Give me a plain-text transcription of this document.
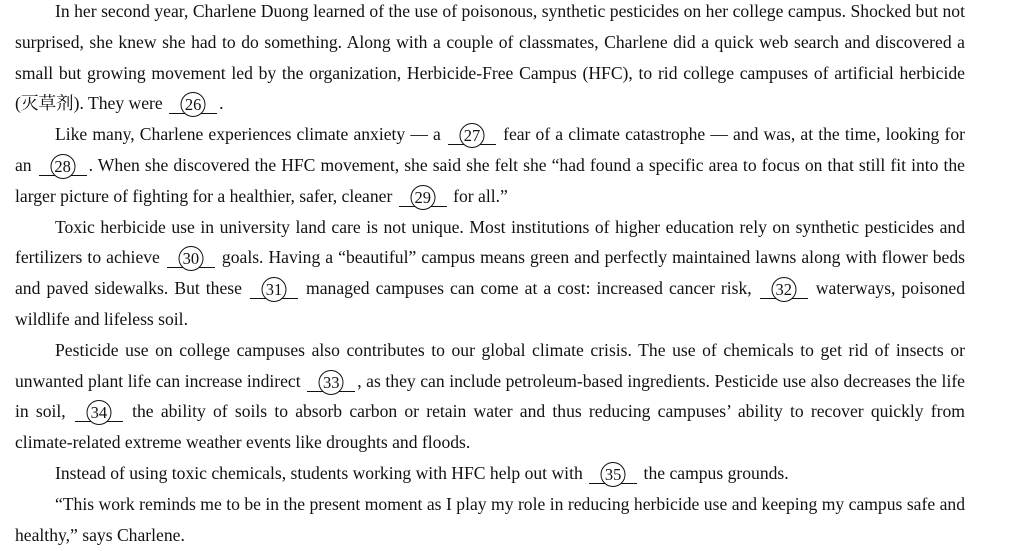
In her second year, Charlene Duong learned of the use of poisonous, synthetic pesticides on her college campus. Shocked but not surprised, she knew she had to do something. Along with a couple of classmates, Charlene did a quick web search and discovered a small but growing movement led by the organization, Herbicide-Free Campus (HFC), to rid college campuses of artificial herbicide (灭草剂). They were 26 .

Like many, Charlene experiences climate anxiety — a 27 fear of a climate catastrophe — and was, at the time, looking for an 28 . When she discovered the HFC movement, she said she felt she “had found a specific area to focus on that still fit into the larger picture of fighting for a healthier, safer, cleaner 29 for all.”

Toxic herbicide use in university land care is not unique. Most institutions of higher education rely on synthetic pesticides and fertilizers to achieve 30 goals. Having a “beautiful” campus means green and perfectly maintained lawns along with flower beds and paved sidewalks. But these 31 managed campuses can come at a cost: increased cancer risk, 32 waterways, poisoned wildlife and lifeless soil.

Pesticide use on college campuses also contributes to our global climate crisis. The use of chemicals to get rid of insects or unwanted plant life can increase indirect 33 , as they can include petroleum-based ingredients. Pesticide use also decreases the life in soil, 34 the ability of soils to absorb carbon or retain water and thus reducing campuses’ ability to recover quickly from climate-related extreme weather events like droughts and floods.

Instead of using toxic chemicals, students working with HFC help out with 35 the campus grounds.

“This work reminds me to be in the present moment as I play my role in reducing herbicide use and keeping my campus safe and healthy,” says Charlene.
